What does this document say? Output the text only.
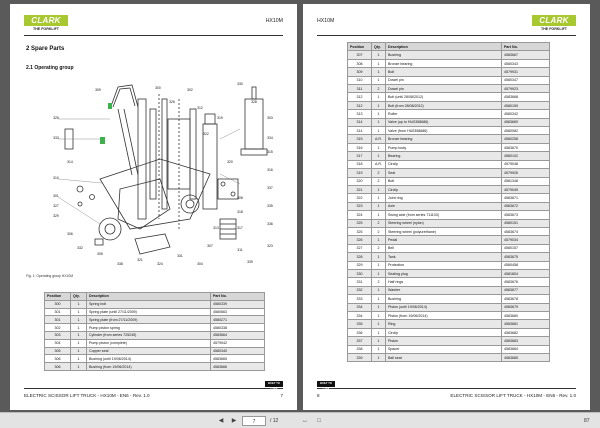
CLARK
THE FORKLIFT
HX10M
2 Spare Parts
2.1 Operating group
309	300	302
330
325
326
312
328
333
319	303
314
322
334
310
315
320
301
327
316
329
308
337
306
318
335
313	317
336
305
321
331
307
311
323
324	304
332
338	339
Fig. 1: Operating group HX10M
Position	Qty.	Description	Part No.
300	1	Spring bolt	4580339
301	1	Spring plate (until 27/11/2009)	4580663
301	1	Spring plate (from 27/11/2009)	4580271
302	1	Pump piston spring	4580338
303	1	Cylinder (from series 725245)	4583664
304	1	Pump piston (complete)	4579042
305	1	Copper seal	4580340
306	1	Bushing (until 19/06/2014)	4583665
306	1	Bushing (from 19/06/2014)	4583666
BUILT TO LAST
ELECTRIC SCISSOR LIFT TRUCK - HX10M - EN6 - Rev. 1.0	7
HX10M	CLARK
THE FORKLIFT
Position	Qty.	Description	Part No.
307	1	Bushing	4583667
308	1	Bronze bearing	4580343
309	1	Bolt	4579931
310	1	Dowel pin	4580347
311	2	Dowel pin	4579923
312	1	Bolt (until 28/08/2012)	4583668
312	1	Bolt (from 28/08/2012)	4580159
313	1	Roller	4580342
314	1	Valve (up to HU0358686)	4583669
314	1	Valve (from HU0358686)	4580082
315	A.R.	Bronze bearing	4580258
316	1	Pump body	4583670
317	1	Bearing	4580102
318	A.R.	Circlip	4579048
319	2	Seal	4579926
320	2	Bolt	4581348
321	1	Circlip	4579049
322	1	Joint ring	4583671
323	1	Axle	4583672
324	1	Swing axle (from series 711103)	4583673
325	2	Steering wheel (nylon)	4580151
325	2	Steering wheel (polyurethane)	4583674
326	1	Pedal	4579034
327	2	Bell	4580157
328	1	Tank	4583675
329	1	Protection	4580458
330	1	Sealing plug	4581804
331	2	Half rings	4583676
332	1	Washer	4583677
333	1	Bushing	4583678
334	1	Piston (until 19/06/2014)	4583679
334	1	Piston (from 19/06/2014)	4583680
335	1	Ring	4583681
336	1	Circlip	4583682
337	1	Piston	4583683
338	1	Spacer	4583684
339	1	Ball seat	4583685
BUILT TO LAST
8	ELECTRIC SCISSOR LIFT TRUCK - HX10M - EN6 - Rev. 1.0
◀	▶	7	/ 12	↔	□	87
